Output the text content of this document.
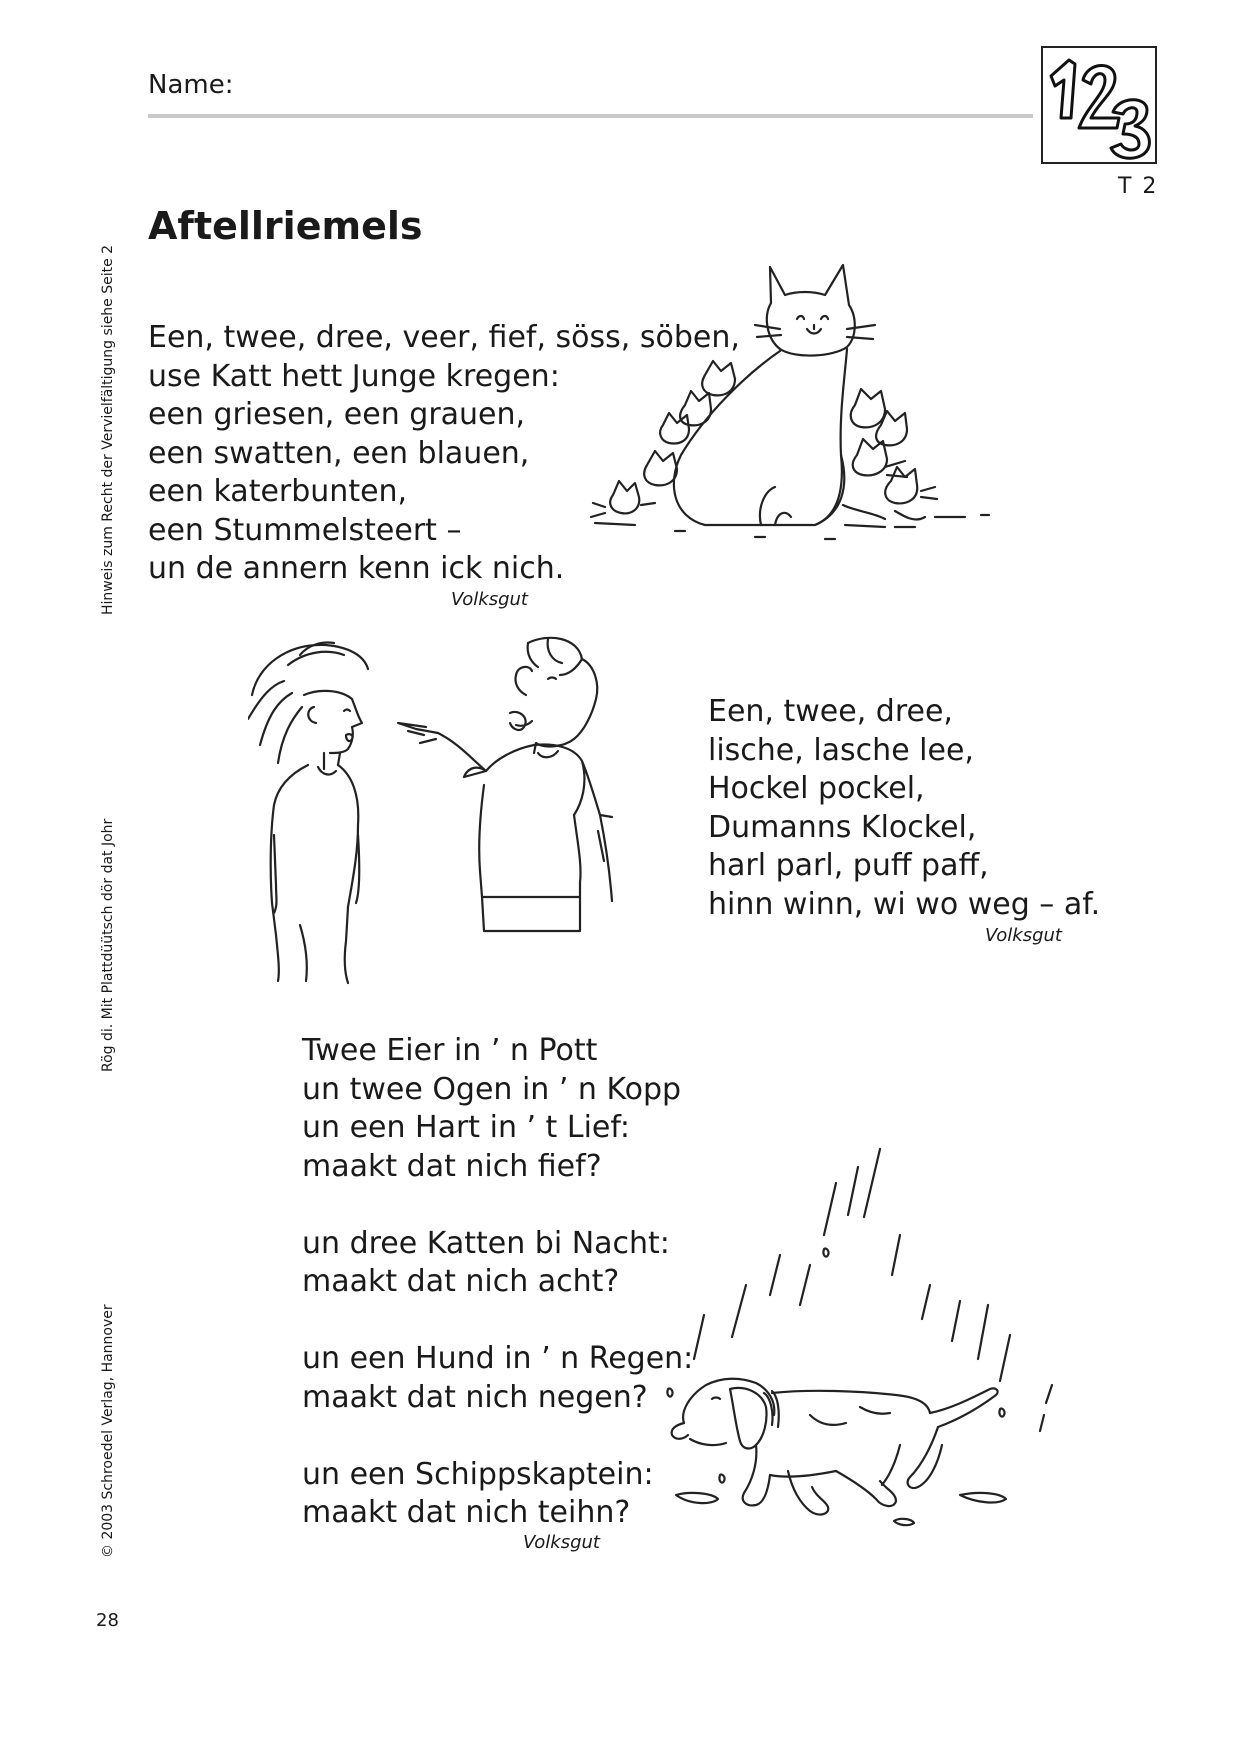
Name:
T 2
Hinweis zum Recht der Vervielfältigung siehe Seite 2
Rög di. Mit Plattdüütsch dör dat Johr
© 2003 Schroedel Verlag, Hannover
Aftellriemels
Een, twee, dree, veer, fief, söss, söben,
use Katt hett Junge kregen:
een griesen, een grauen,
een swatten, een blauen,
een katerbunten,
een Stummelsteert –
un de annern kenn ick nich.
Volksgut
Een, twee, dree,
lische, lasche lee,
Hockel pockel,
Dumanns Klockel,
harl parl, puff paff,
hinn winn, wi wo weg – af.
Volksgut
Twee Eier in ’ n Pott
un twee Ogen in ’ n Kopp
un een Hart in ’ t Lief:
maakt dat nich fief?
un dree Katten bi Nacht:
maakt dat nich acht?
un een Hund in ’ n Regen:
maakt dat nich negen?
un een Schippskaptein:
maakt dat nich teihn?
Volksgut
28
